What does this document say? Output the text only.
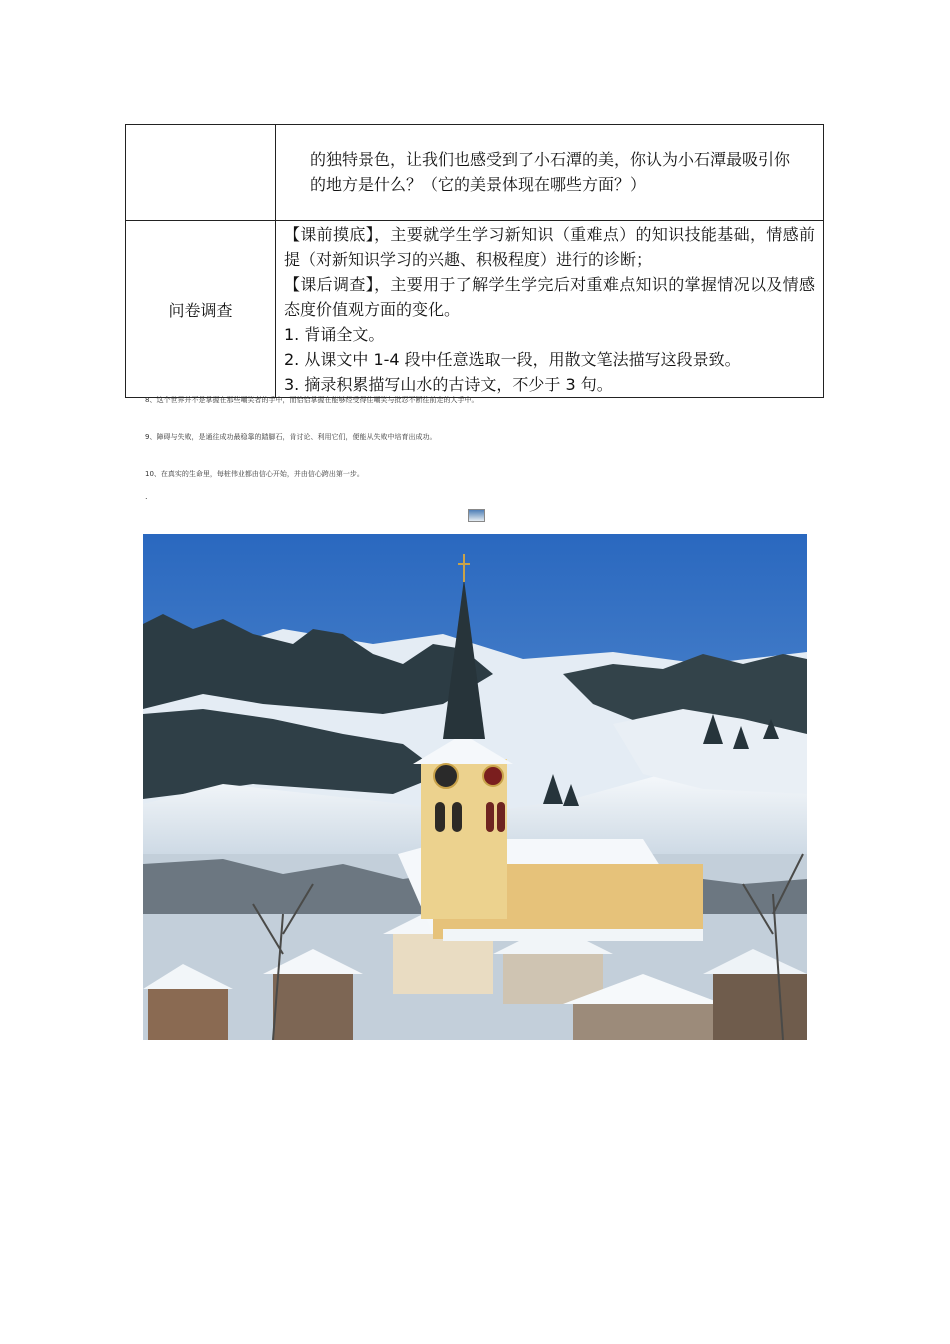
	的独特景色，让我们也感受到了小石潭的美，你认为小石潭最吸引你
的地方是什么？（它的美景体现在哪些方面？）

问卷调查	【课前摸底】，主要就学生学习新知识（重难点）的知识技能基础，情感前提（对新知识学习的兴趣、积极程度）进行的诊断；
【课后调查】，主要用于了解学生学完后对重难点知识的掌握情况以及情感态度价值观方面的变化。
1. 背诵全文。
2. 从课文中 1-4 段中任意选取一段，用散文笔法描写这段景致。
3. 摘录积累描写山水的古诗文，不少于 3 句。
8、这个世界并不是掌握在那些嘲笑者的手中，而恰恰掌握在能够经受得住嘲笑与批忍不断往前走的人手中。
9、障碍与失败，是通往成功最稳靠的踏脚石，肯讨论、利用它们，便能从失败中培育出成功。
10、在真实的生命里，每桩伟业都由信心开始，并由信心跨出第一步。
.
